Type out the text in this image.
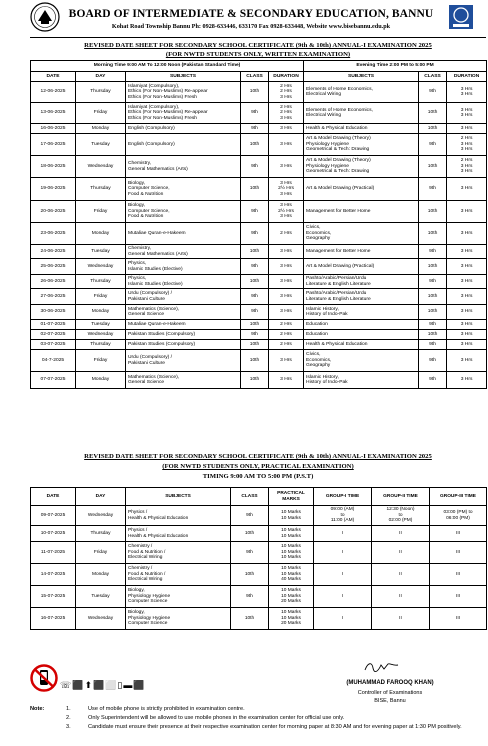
BOARD OF INTERMEDIATE & SECONDARY EDUCATION, BANNU
Kohat Road Township Bannu Ph: 0928-633446, 633170 Fax 0928-633448, Website www.bisebannu.edu.pk
REVISED DATE SHEET FOR SECONDARY SCHOOL CERTIFICATE (9th & 10th) ANNUAL-I EXAMINATION 2025
(FOR NWTD STUDENTS ONLY, WRITTEN EXAMINATION)
Morning Time 9:00 AM To 12:00 Noon (Pakistan Standard Time)					Evening Time 2:00 PM to 5:00 PM		
DATE	DAY	SUBJECTS	CLASS	DURATION	SUBJECTS	CLASS	DURATION
12-06-2025	Thursday	Islamiyat (Compulsory),
Ethics (For Non-Muslims) Re-appear
Ethics (For Non-Muslims) Fresh	10th	2 Hrs
2 Hrs
3 Hrs	Elements of Home Economics,
Electrical Wiring	9th	3 Hrs
3 Hrs

13-06-2025	Friday	Islamiyat (Compulsory),
Ethics (For Non-Muslims) Re-appear
Ethics (For Non-Muslims) Fresh	9th	2 Hrs
2 Hrs
3 Hrs	Elements of Home Economics,
Electrical Wiring	10th	3 Hrs
3 Hrs

16-06-2025	Monday	English (Compulsory)	9th	3 Hrs	Health & Physical Education	10th	3 Hrs

17-06-2025	Tuesday	English (Compulsory)	10th	3 Hrs	Art & Model Drawing (Theory)
Physiology Hygiene
Geometrical & Tech: Drawing	9th	2 Hrs
3 Hrs
3 Hrs

18-06-2025	Wednesday	Chemistry,
General Mathematics (Arts)	9th	3 Hrs	Art & Model Drawing (Theory)
Physiology Hygiene
Geometrical & Tech: Drawing	10th	2 Hrs
3 Hrs
3 Hrs

19-06-2025	Thursday	Biology,
Computer Science,
Food & Nutrition	10th	3 Hrs
2½ Hrs
3 Hrs	Art & Model Drawing (Practical)	9th	3 Hrs

20-06-2025	Friday	Biology,
Computer Science,
Food & Nutrition	9th	3 Hrs
2½ Hrs
3 Hrs	Management for Better Home	10th	3 Hrs

23-06-2025	Monday	Mutaliae Quran-e-Hakeem	9th	2 Hrs	Civics,
Economics,
Geography	10th	3 Hrs

24-06-2025	Tuesday	Chemistry,
General Mathematics (Arts)	10th	3 Hrs	Management for Better Home	9th	3 Hrs

25-06-2025	Wednesday	Physics,
Islamic Studies (Elective)	9th	3 Hrs	Art & Model Drawing (Practical)	10th	3 Hrs

26-06-2025	Thursday	Physics,
Islamic Studies (Elective)	10th	3 Hrs	Pashto/Arabic/Persian/Urdu
Literature & English Literature	9th	3 Hrs

27-06-2025	Friday	Urdu (Compulsory) /
Pakistani Culture	9th	3 Hrs	Pashto/Arabic/Persian/Urdu
Literature & English Literature	10th	3 Hrs

30-06-2025	Monday	Mathematics (Science),
General Science	9th	3 Hrs	Islamic History,
History of Indo-Pak	10th	3 Hrs

01-07-2025	Tuesday	Mutaliae Quran-e-Hakeem	10th	2 Hrs	Education	9th	3 Hrs

02-07-2025	Wednesday	Pakistan Studies (Compulsory)	9th	2 Hrs	Education	10th	3 Hrs

03-07-2025	Thursday	Pakistan Studies (Compulsory)	10th	2 Hrs	Health & Physical Education	9th	3 Hrs

04-7-2025	Friday	Urdu (Compulsory) /
Pakistani Culture	10th	3 Hrs	Civics,
Economics,
Geography	9th	3 Hrs

07-07-2025	Monday	Mathematics (Science),
General Science	10th	3 Hrs	Islamic History,
History of Indo-Pak	9th	3 Hrs
REVISED DATE SHEET FOR SECONDARY SCHOOL CERTIFICATE (9th & 10th) ANNUAL-I EXAMINATION 2025
(FOR NWTD STUDENTS ONLY, PRACTICAL EXAMINATION)
TIMING 9:00 AM TO 5:00 PM (P.S.T)
DATE	DAY	SUBJECTS	CLASS	PRACTICAL MARKS	GROUP-I TIME	GROUP-II TIME	GROUP-III TIME
09-07-2025	Wednesday	Physics /
Health & Physical Education	9th	10 Marks
10 Marks	09:00 (AM)
to
11:00 (AM)	12:30 (Noon)
to
02:00 (PM)	03:00 (PM) to
06:00 (PM)

10-07-2025	Thursday	Physics /
Health & Physical Education	10th	10 Marks
10 Marks	I	II	III
11-07-2025	Friday	Chemistry /
Food & Nutrition /
Electrical Wiring	9th	10 Marks
10 Marks
10 Marks	I	II	III
14-07-2025	Monday	Chemistry /
Food & Nutrition /
Electrical Wiring	10th	10 Marks
10 Marks
40 Marks	I	II	III
15-07-2025	Tuesday	Biology,
Physiology Hygiene
Computer Science	9th	10 Marks
10 Marks
20 Marks	I	II	III
16-07-2025	Wednesday	Biology,
Physiology Hygiene
Computer Science	10th	10 Marks
10 Marks
20 Marks	I	II	III
☏⬛⬆⬛⬜▯▬⬛	(MUHAMMAD FAROOQ KHAN)
Controller of Examinations
BISE, Bannu
Note:	1.	Use of mobile phone is strictly prohibited in examination centre.
2.	Only Superintendent will be allowed to use mobile phones in the examination center for official use only.
3.	Candidate must ensure their presence at their respective examination center for morning paper at 8:30 AM and for evening paper at 1:30 PM positively.
